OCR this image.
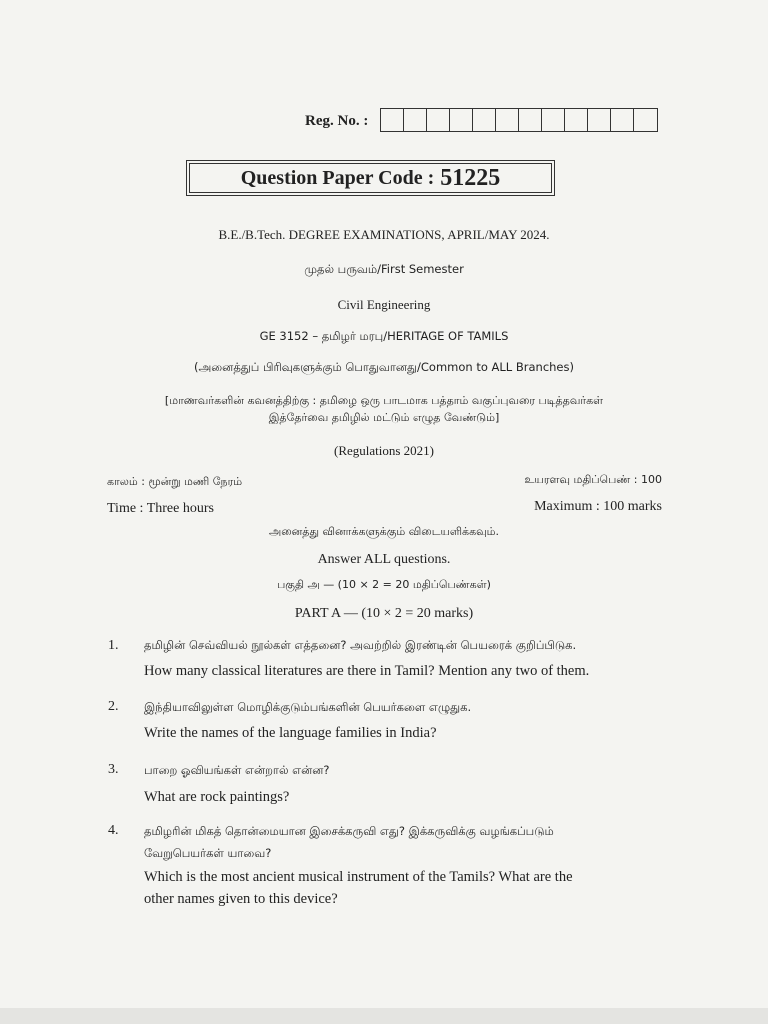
Reg. No. :
Question Paper Code : 51225
B.E./B.Tech. DEGREE EXAMINATIONS, APRIL/MAY 2024.
முதல் பருவம்/First Semester
Civil Engineering
GE 3152 – தமிழர் மரபு/HERITAGE OF TAMILS
(அனைத்துப் பிரிவுகளுக்கும் பொதுவானது/Common to ALL Branches)
[மாணவர்களின் கவனத்திற்கு : தமிழை ஒரு பாடமாக பத்தாம் வகுப்புவரை படித்தவர்கள்
இத்தேர்வை தமிழில் மட்டும் எழுத வேண்டும்]
(Regulations 2021)
காலம் : மூன்று மணி நேரம்	உயரளவு மதிப்பெண் : 100
Time : Three hours	Maximum : 100 marks
அனைத்து வினாக்களுக்கும் விடையளிக்கவும்.
Answer ALL questions.
பகுதி அ — (10 × 2 = 20 மதிப்பெண்கள்)
PART A — (10 × 2 = 20 marks)
1. தமிழின் செவ்வியல் நூல்கள் எத்தனை? அவற்றில் இரண்டின் பெயரைக் குறிப்பிடுக.
How many classical literatures are there in Tamil? Mention any two of them.
2. இந்தியாவிலுள்ள மொழிக்குடும்பங்களின் பெயர்களை எழுதுக.
Write the names of the language families in India?
3. பாறை ஓவியங்கள் என்றால் என்ன?
What are rock paintings?
4. தமிழரின் மிகத் தொன்மையான இசைக்கருவி எது? இக்கருவிக்கு வழங்கப்படும்
வேறுபெயர்கள் யாவை?
Which is the most ancient musical instrument of the Tamils? What are the
other names given to this device?
